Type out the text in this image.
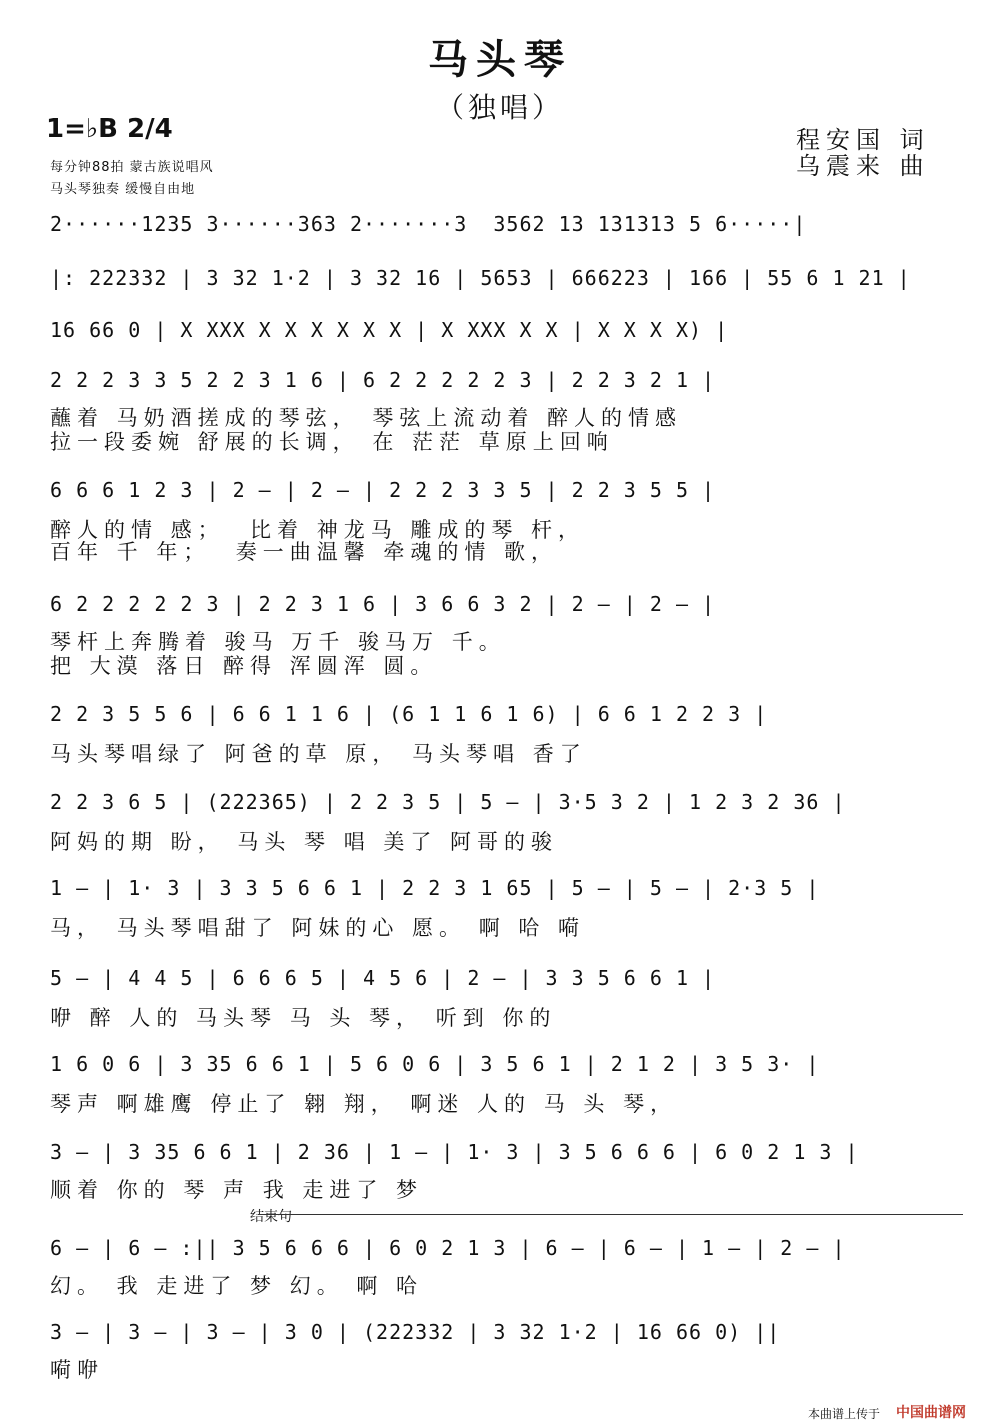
马头琴
（独唱）
1=♭B 2/4
每分钟88拍 蒙古族说唱风
马头琴独奏 缓慢自由地
程安国 词
乌震来 曲
2······1235 3······363 2·······3  3562 13 131313 5 6·····|
|: 222332 | 3 32 1·2 | 3 32 16 | 5653 | 666223 | 166 | 55 6 1 21 |
16 66 0 | X XXX X X X X X X | X XXX X X | X X X X) |
2 2 2 3 3 5 2 2 3 1 6 | 6 2 2 2 2 2 3 | 2 2 3 2 1 |
蘸着 马奶酒搓成的琴弦， 琴弦上流动着 醉人的情感
拉一段委婉 舒展的长调， 在 茫茫 草原上回响
6 6 6 1 2 3 | 2 — | 2 — | 2 2 2 3 3 5 | 2 2 3 5 5 |
醉人的情 感；  比着 神龙马 雕成的琴 杆，
百年 千 年；  奏一曲温馨 牵魂的情 歌，
6 2 2 2 2 2 3 | 2 2 3 1 6 | 3 6 6 3 2 | 2 — | 2 — |
琴杆上奔腾着 骏马 万千 骏马万 千。
把 大漠 落日 醉得 浑圆浑 圆。
2 2 3 5 5 6 | 6 6 1 1 6 | (6 1 1 6 1 6) | 6 6 1 2 2 3 |
马头琴唱绿了 阿爸的草 原， 马头琴唱 香了
2 2 3 6 5 | (222365) | 2 2 3 5 | 5 — | 3·5 3 2 | 1 2 3 2 36 |
阿妈的期 盼， 马头 琴 唱 美了 阿哥的骏
1 — | 1· 3 | 3 3 5 6 6 1 | 2 2 3 1 65 | 5 — | 5 — | 2·3 5 |
马， 马头琴唱甜了 阿妹的心 愿。 啊 哈 嗬
5 — | 4 4 5 | 6 6 6 5 | 4 5 6 | 2 — | 3 3 5 6 6 1 |
咿 醉 人的 马头琴 马 头 琴， 听到 你的
1 6 0 6 | 3 35 6 6 1 | 5 6 0 6 | 3 5 6 1 | 2 1 2 | 3 5 3· |
琴声 啊雄鹰 停止了 翱 翔， 啊迷 人的 马 头 琴，
3 — | 3 35 6 6 1 | 2 36 | 1 — | 1· 3 | 3 5 6 6 6 | 6 0 2 1 3 |
顺着 你的 琴 声 我 走进了 梦
结束句
6 — | 6 — :|| 3 5 6 6 6 | 6 0 2 1 3 | 6 — | 6 — | 1 — | 2 — |
幻。 我 走进了 梦 幻。 啊 哈
3 — | 3 — | 3 — | 3 0 | (222332 | 3 32 1·2 | 16 66 0) ||
嗬咿
本曲谱上传于 中国曲谱网
